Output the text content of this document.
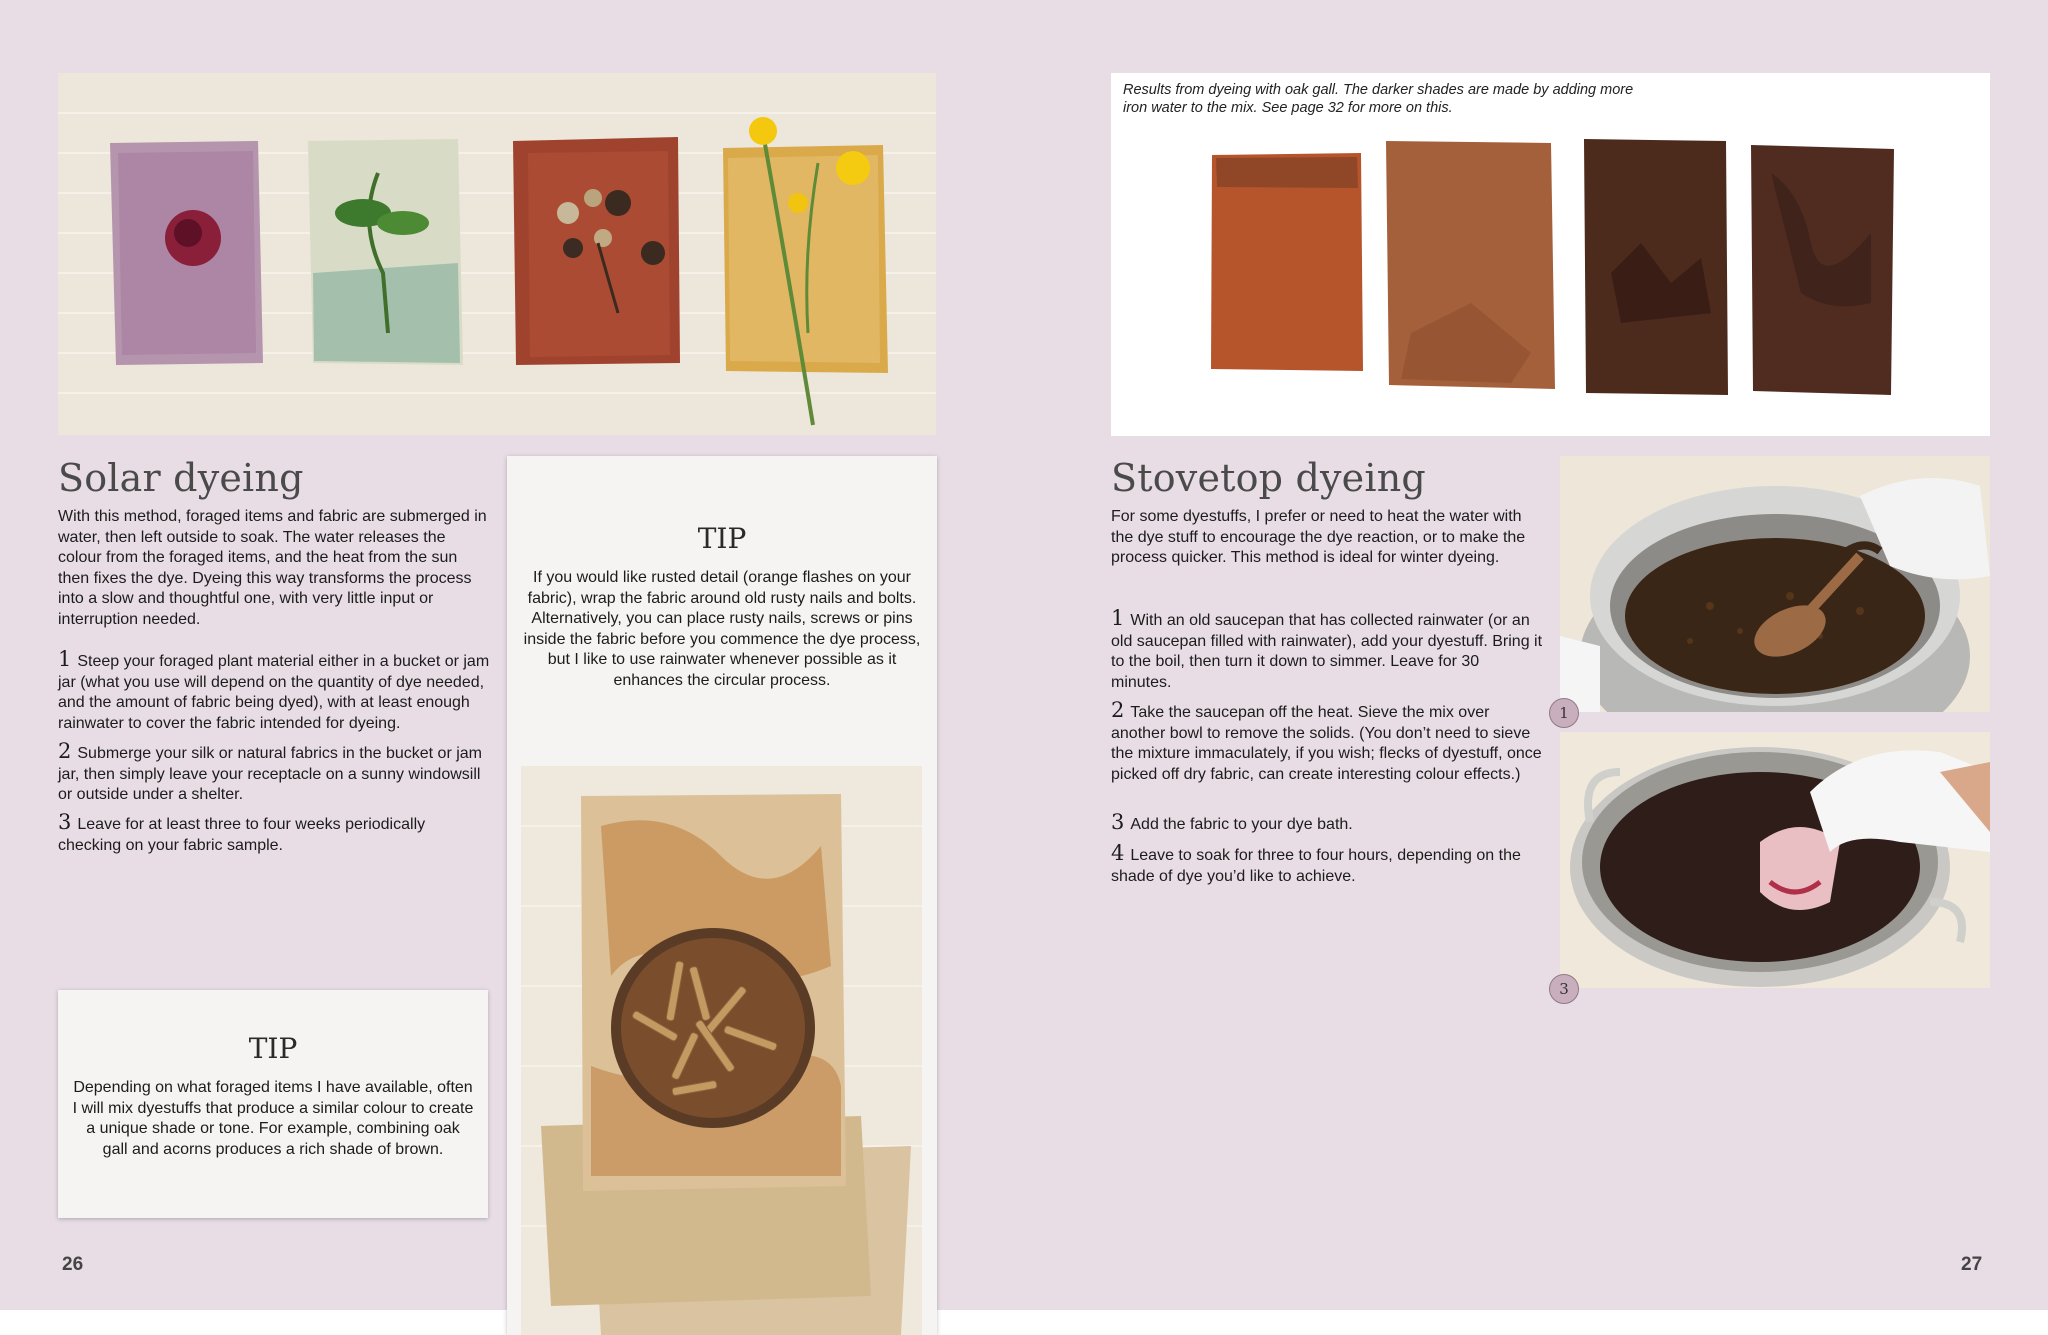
Solar dyeing
With this method, foraged items and fabric are submerged in water, then left outside to soak. The water releases the colour from the foraged items, and the heat from the sun then fixes the dye. Dyeing this way transforms the process into a slow and thoughtful one, with very little input or interruption needed.
1 Steep your foraged plant material either in a bucket or jam jar (what you use will depend on the quantity of dye needed, and the amount of fabric being dyed), with at least enough rainwater to cover the fabric intended for dyeing.
2 Submerge your silk or natural fabrics in the bucket or jam jar, then simply leave your receptacle on a sunny windowsill or outside under a shelter.
3 Leave for at least three to four weeks periodically checking on your fabric sample.
TIP
Depending on what foraged items I have available, often I will mix dyestuffs that produce a similar colour to create a unique shade or tone. For example, combining oak gall and acorns produces a rich shade of brown.
TIP
If you would like rusted detail (orange flashes on your fabric), wrap the fabric around old rusty nails and bolts. Alternatively, you can place rusty nails, screws or pins inside the fabric before you commence the dye process, but I like to use rainwater whenever possible as it enhances the circular process.
26
Results from dyeing with oak gall. The darker shades are made by adding more iron water to the mix. See page 32 for more on this.
Stovetop dyeing
For some dyestuffs, I prefer or need to heat the water with the dye stuff to encourage the dye reaction, or to make the process quicker. This method is ideal for winter dyeing.
1 With an old saucepan that has collected rainwater (or an old saucepan filled with rainwater), add your dyestuff. Bring it to the boil, then turn it down to simmer. Leave for 30 minutes.
2 Take the saucepan off the heat. Sieve the mix over another bowl to remove the solids. (You don’t need to sieve the mixture immaculately, if you wish; flecks of dyestuff, once picked off dry fabric, can create interesting colour effects.)
3 Add the fabric to your dye bath.
4 Leave to soak for three to four hours, depending on the shade of dye you’d like to achieve.
1
3
27
